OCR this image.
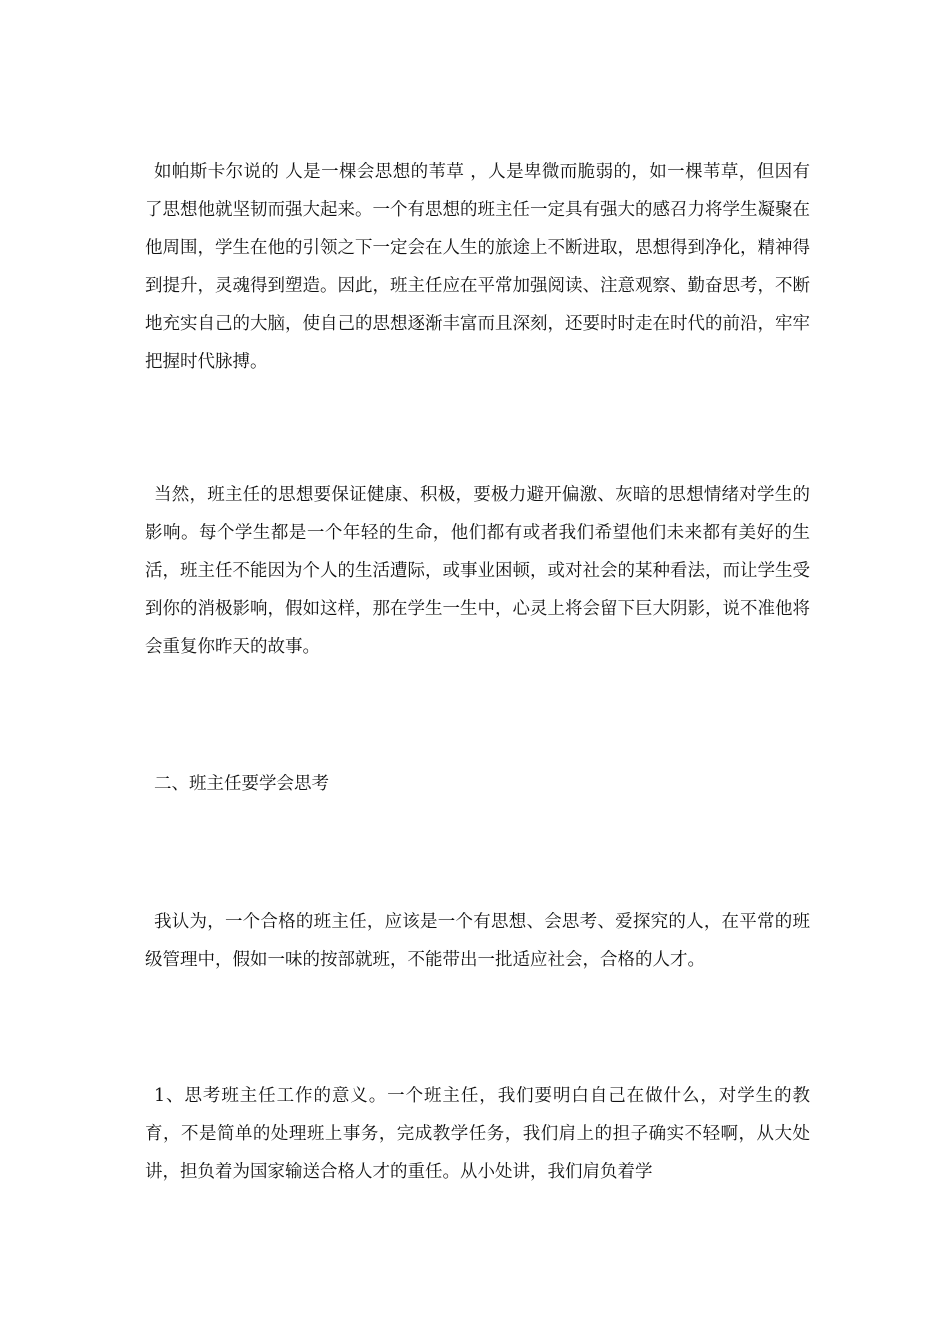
如帕斯卡尔说的 人是一棵会思想的苇草 ，人是卑微而脆弱的，如一棵苇草，但因有了思想他就坚韧而强大起来。一个有思想的班主任一定具有强大的感召力将学生凝聚在他周围，学生在他的引领之下一定会在人生的旅途上不断进取，思想得到净化，精神得到提升，灵魂得到塑造。因此，班主任应在平常加强阅读、注意观察、勤奋思考，不断地充实自己的大脑，使自己的思想逐渐丰富而且深刻，还要时时走在时代的前沿，牢牢把握时代脉搏。

当然，班主任的思想要保证健康、积极，要极力避开偏激、灰暗的思想情绪对学生的影响。每个学生都是一个年轻的生命，他们都有或者我们希望他们未来都有美好的生活，班主任不能因为个人的生活遭际，或事业困顿，或对社会的某种看法，而让学生受到你的消极影响，假如这样，那在学生一生中，心灵上将会留下巨大阴影，说不准他将会重复你昨天的故事。

二、班主任要学会思考

我认为，一个合格的班主任，应该是一个有思想、会思考、爱探究的人，在平常的班级管理中，假如一味的按部就班，不能带出一批适应社会，合格的人才。

1、思考班主任工作的意义。一个班主任，我们要明白自己在做什么，对学生的教育，不是简单的处理班上事务，完成教学任务，我们肩上的担子确实不轻啊，从大处讲，担负着为国家输送合格人才的重任。从小处讲，我们肩负着学
